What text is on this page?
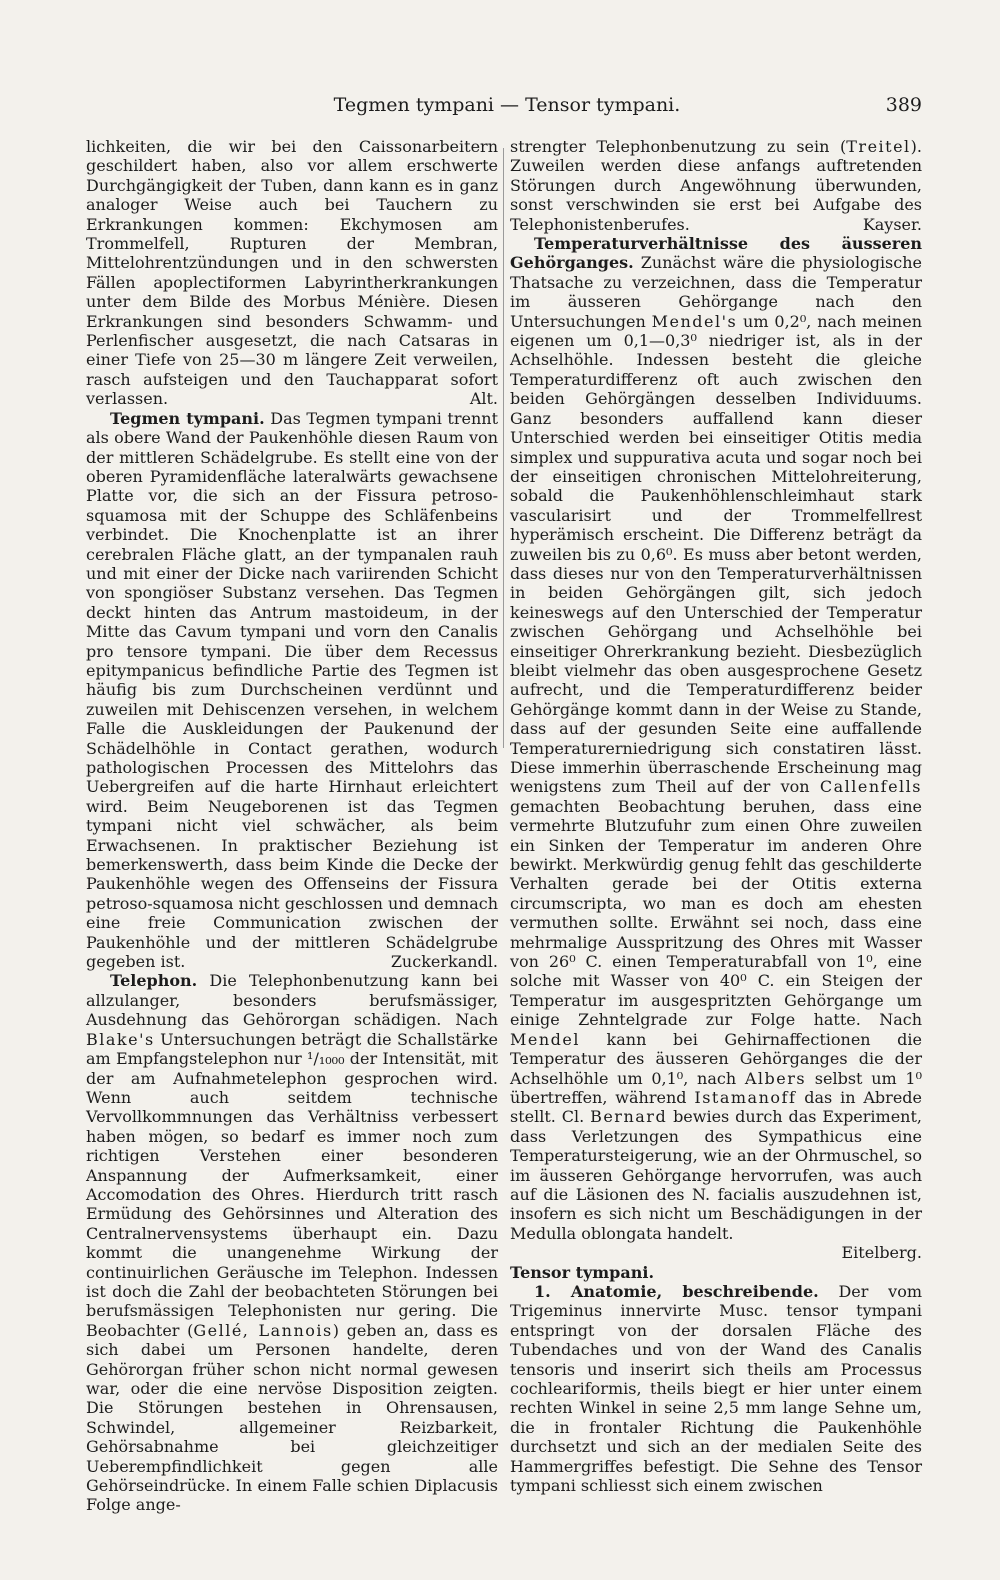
Tegmen tympani — Tensor tympani.	389

lichkeiten, die wir bei den Caissonarbeitern geschildert haben, also vor allem erschwerte Durchgängigkeit der Tuben, dann kann es in ganz analoger Weise auch bei Tauchern zu Erkrankungen kommen: Ekchymosen am Trommelfell, Rupturen der Membran, Mittelohrentzündungen und in den schwersten Fällen apoplectiformen Labyrintherkrankungen unter dem Bilde des Morbus Ménière. Diesen Erkrankungen sind besonders Schwamm- und Perlenfischer ausgesetzt, die nach Catsaras in einer Tiefe von 25—30 m längere Zeit verweilen, rasch aufsteigen und den Tauchapparat sofort verlassen.	Alt.

Tegmen tympani. Das Tegmen tympani trennt als obere Wand der Paukenhöhle diesen Raum von der mittleren Schädelgrube. Es stellt eine von der oberen Pyramidenfläche lateralwärts gewachsene Platte vor, die sich an der Fissura petroso-squamosa mit der Schuppe des Schläfenbeins verbindet. Die Knochenplatte ist an ihrer cerebralen Fläche glatt, an der tympanalen rauh und mit einer der Dicke nach variirenden Schicht von spongiöser Substanz versehen. Das Tegmen deckt hinten das Antrum mastoideum, in der Mitte das Cavum tympani und vorn den Canalis pro tensore tympani. Die über dem Recessus epitympanicus befindliche Partie des Tegmen ist häufig bis zum Durchscheinen verdünnt und zuweilen mit Dehiscenzen versehen, in welchem Falle die Auskleidungen der Paukenund der Schädelhöhle in Contact gerathen, wodurch pathologischen Processen des Mittelohrs das Uebergreifen auf die harte Hirnhaut erleichtert wird. Beim Neugeborenen ist das Tegmen tympani nicht viel schwächer, als beim Erwachsenen. In praktischer Beziehung ist bemerkenswerth, dass beim Kinde die Decke der Paukenhöhle wegen des Offenseins der Fissura petroso-squamosa nicht geschlossen und demnach eine freie Communication zwischen der Paukenhöhle und der mittleren Schädelgrube gegeben ist.	Zuckerkandl.

Telephon. Die Telephonbenutzung kann bei allzulanger, besonders berufsmässiger, Ausdehnung das Gehörorgan schädigen. Nach Blake's Untersuchungen beträgt die Schallstärke am Empfangstelephon nur ¹/₁₀₀₀ der Intensität, mit der am Aufnahmetelephon gesprochen wird. Wenn auch seitdem technische Vervollkommnungen das Verhältniss verbessert haben mögen, so bedarf es immer noch zum richtigen Verstehen einer besonderen Anspannung der Aufmerksamkeit, einer Accomodation des Ohres. Hierdurch tritt rasch Ermüdung des Gehörsinnes und Alteration des Centralnervensystems überhaupt ein. Dazu kommt die unangenehme Wirkung der continuirlichen Geräusche im Telephon. Indessen ist doch die Zahl der beobachteten Störungen bei berufsmässigen Telephonisten nur gering. Die Beobachter (Gellé, Lannois) geben an, dass es sich dabei um Personen handelte, deren Gehörorgan früher schon nicht normal gewesen war, oder die eine nervöse Disposition zeigten. Die Störungen bestehen in Ohrensausen, Schwindel, allgemeiner Reizbarkeit, Gehörsabnahme bei gleichzeitiger Ueberempfindlichkeit gegen alle Gehörseindrücke. In einem Falle schien Diplacusis Folge ange-

strengter Telephonbenutzung zu sein (Treitel). Zuweilen werden diese anfangs auftretenden Störungen durch Angewöhnung überwunden, sonst verschwinden sie erst bei Aufgabe des Telephonistenberufes.	Kayser.

Temperaturverhältnisse des äusseren Gehörganges. Zunächst wäre die physiologische Thatsache zu verzeichnen, dass die Temperatur im äusseren Gehörgange nach den Untersuchungen Mendel's um 0,2⁰, nach meinen eigenen um 0,1—0,3⁰ niedriger ist, als in der Achselhöhle. Indessen besteht die gleiche Temperaturdifferenz oft auch zwischen den beiden Gehörgängen desselben Individuums. Ganz besonders auffallend kann dieser Unterschied werden bei einseitiger Otitis media simplex und suppurativa acuta und sogar noch bei der einseitigen chronischen Mittelohreiterung, sobald die Paukenhöhlenschleimhaut stark vascularisirt und der Trommelfellrest hyperämisch erscheint. Die Differenz beträgt da zuweilen bis zu 0,6⁰. Es muss aber betont werden, dass dieses nur von den Temperaturverhältnissen in beiden Gehörgängen gilt, sich jedoch keineswegs auf den Unterschied der Temperatur zwischen Gehörgang und Achselhöhle bei einseitiger Ohrerkrankung bezieht. Diesbezüglich bleibt vielmehr das oben ausgesprochene Gesetz aufrecht, und die Temperaturdifferenz beider Gehörgänge kommt dann in der Weise zu Stande, dass auf der gesunden Seite eine auffallende Temperaturerniedrigung sich constatiren lässt. Diese immerhin überraschende Erscheinung mag wenigstens zum Theil auf der von Callenfells gemachten Beobachtung beruhen, dass eine vermehrte Blutzufuhr zum einen Ohre zuweilen ein Sinken der Temperatur im anderen Ohre bewirkt. Merkwürdig genug fehlt das geschilderte Verhalten gerade bei der Otitis externa circumscripta, wo man es doch am ehesten vermuthen sollte. Erwähnt sei noch, dass eine mehrmalige Ausspritzung des Ohres mit Wasser von 26⁰ C. einen Temperaturabfall von 1⁰, eine solche mit Wasser von 40⁰ C. ein Steigen der Temperatur im ausgespritzten Gehörgange um einige Zehntelgrade zur Folge hatte. Nach Mendel kann bei Gehirnaffectionen die Temperatur des äusseren Gehörganges die der Achselhöhle um 0,1⁰, nach Albers selbst um 1⁰ übertreffen, während Istamanoff das in Abrede stellt. Cl. Bernard bewies durch das Experiment, dass Verletzungen des Sympathicus eine Temperatursteigerung, wie an der Ohrmuschel, so im äusseren Gehörgange hervorrufen, was auch auf die Läsionen des N. facialis auszudehnen ist, insofern es sich nicht um Beschädigungen in der Medulla oblongata handelt.

Eitelberg.

Tensor tympani.

1. Anatomie, beschreibende. Der vom Trigeminus innervirte Musc. tensor tympani entspringt von der dorsalen Fläche des Tubendaches und von der Wand des Canalis tensoris und inserirt sich theils am Processus cochleariformis, theils biegt er hier unter einem rechten Winkel in seine 2,5 mm lange Sehne um, die in frontaler Richtung die Paukenhöhle durchsetzt und sich an der medialen Seite des Hammergriffes befestigt. Die Sehne des Tensor tympani schliesst sich einem zwischen
